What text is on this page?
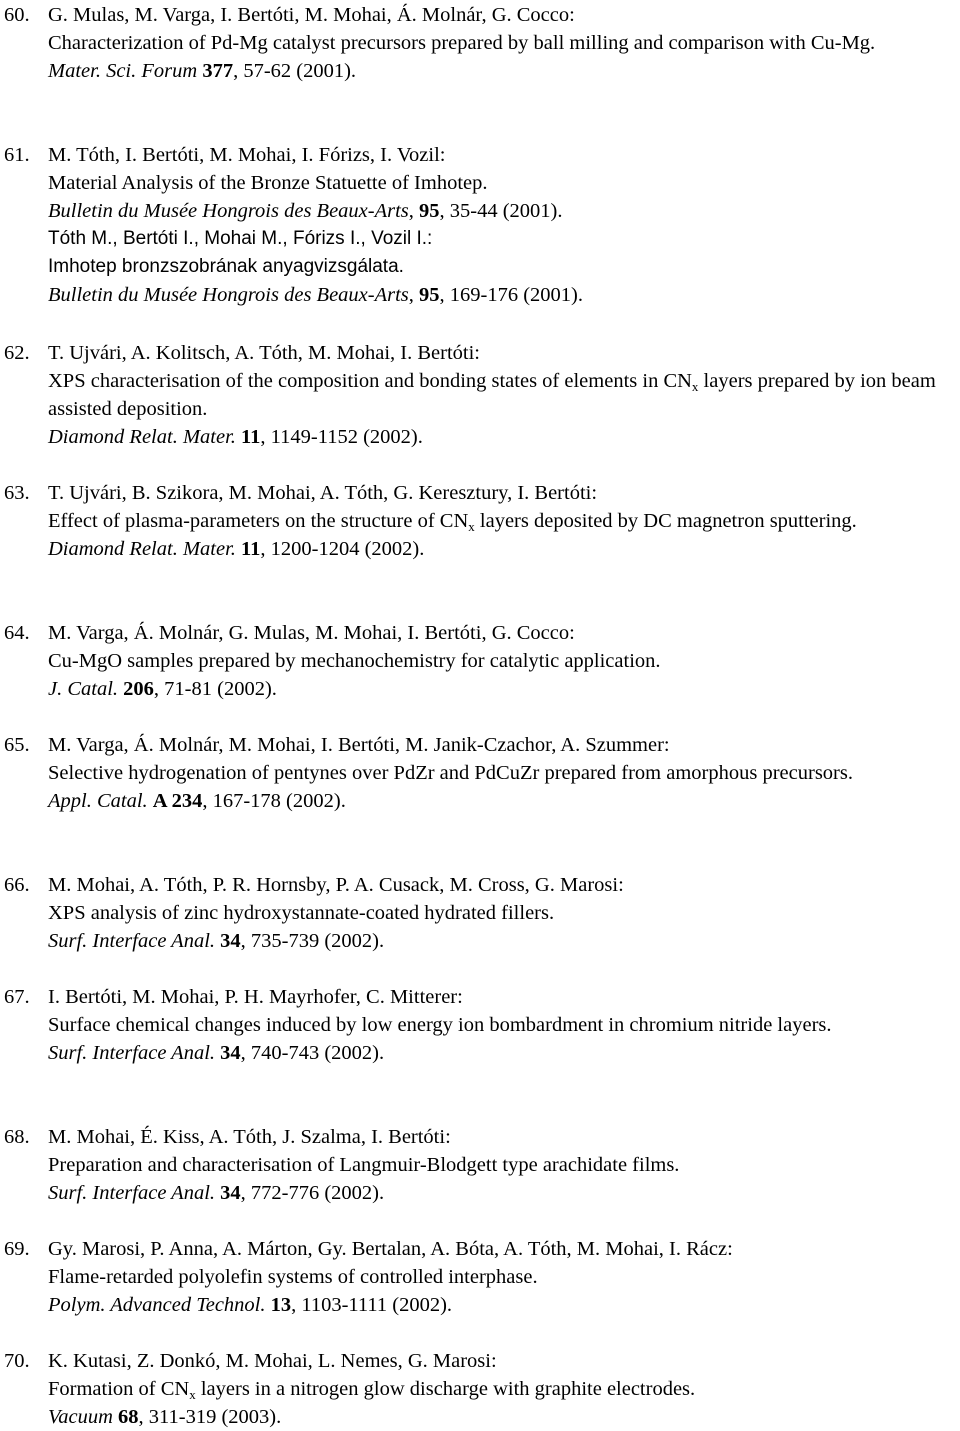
60. G. Mulas, M. Varga, I. Bertóti, M. Mohai, Á. Molnár, G. Cocco:
Characterization of Pd-Mg catalyst precursors prepared by ball milling and comparison with Cu-Mg.
Mater. Sci. Forum 377, 57-62 (2001).
61. M. Tóth, I. Bertóti, M. Mohai, I. Fórizs, I. Vozil:
Material Analysis of the Bronze Statuette of Imhotep.
Bulletin du Musée Hongrois des Beaux-Arts, 95, 35-44 (2001).
Tóth M., Bertóti I., Mohai M., Fórizs I., Vozil I.:
Imhotep bronzszobrának anyagvizsgálata.
Bulletin du Musée Hongrois des Beaux-Arts, 95, 169-176 (2001).
62. T. Ujvári, A. Kolitsch, A. Tóth, M. Mohai, I. Bertóti:
XPS characterisation of the composition and bonding states of elements in $CN_x$ layers prepared by ion beam assisted deposition.
Diamond Relat. Mater. 11, 1149-1152 (2002).
63. T. Ujvári, B. Szikora, M. Mohai, A. Tóth, G. Keresztury, I. Bertóti:
Effect of plasma-parameters on the structure of $CN_x$ layers deposited by DC magnetron sputtering.
Diamond Relat. Mater. 11, 1200-1204 (2002).
64. M. Varga, Á. Molnár, G. Mulas, M. Mohai, I. Bertóti, G. Cocco:
Cu-MgO samples prepared by mechanochemistry for catalytic application.
J. Catal. 206, 71-81 (2002).
65. M. Varga, Á. Molnár, M. Mohai, I. Bertóti, M. Janik-Czachor, A. Szummer:
Selective hydrogenation of pentynes over PdZr and PdCuZr prepared from amorphous precursors.
Appl. Catal. A 234, 167-178 (2002).
66. M. Mohai, A. Tóth, P. R. Hornsby, P. A. Cusack, M. Cross, G. Marosi:
XPS analysis of zinc hydroxystannate-coated hydrated fillers.
Surf. Interface Anal. 34, 735-739 (2002).
67. I. Bertóti, M. Mohai, P. H. Mayrhofer, C. Mitterer:
Surface chemical changes induced by low energy ion bombardment in chromium nitride layers.
Surf. Interface Anal. 34, 740-743 (2002).
68. M. Mohai, É. Kiss, A. Tóth, J. Szalma, I. Bertóti:
Preparation and characterisation of Langmuir-Blodgett type arachidate films.
Surf. Interface Anal. 34, 772-776 (2002).
69. Gy. Marosi, P. Anna, A. Márton, Gy. Bertalan, A. Bóta, A. Tóth, M. Mohai, I. Rácz:
Flame-retarded polyolefin systems of controlled interphase.
Polym. Advanced Technol. 13, 1103-1111 (2002).
70. K. Kutasi, Z. Donkó, M. Mohai, L. Nemes, G. Marosi:
Formation of $CN_x$ layers in a nitrogen glow discharge with graphite electrodes.
Vacuum 68, 311-319 (2003).
